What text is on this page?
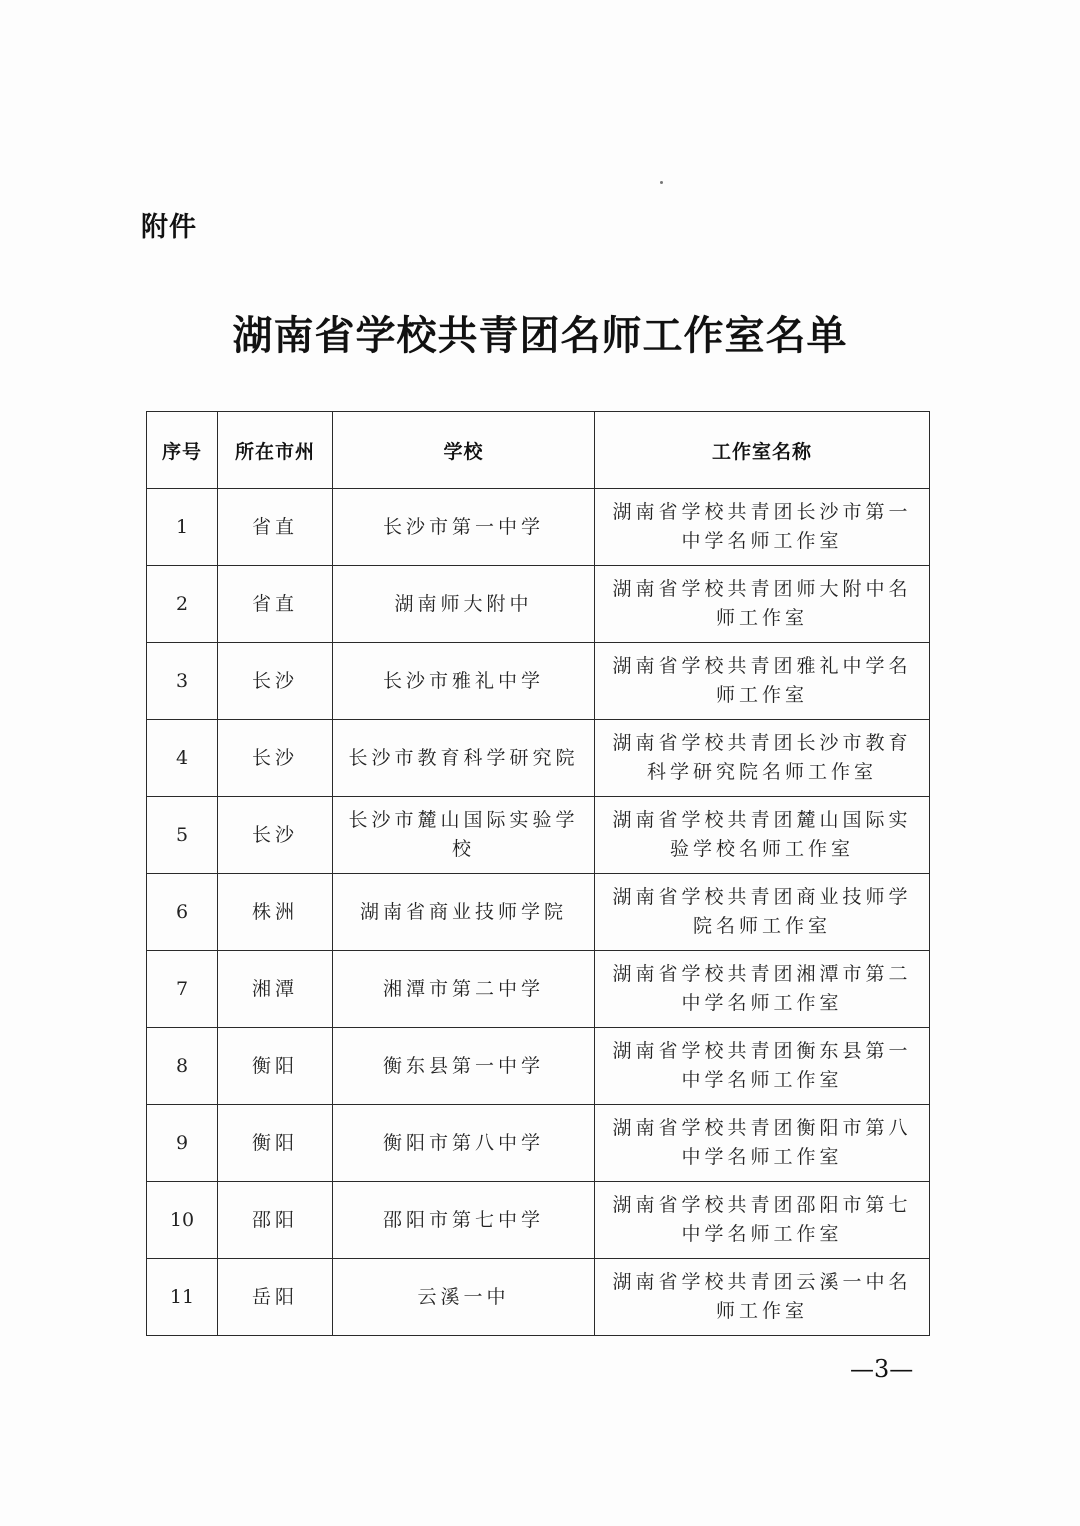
附件
湖南省学校共青团名师工作室名单
序号	所在市州	学校	工作室名称
1	省直	长沙市第一中学	湖南省学校共青团长沙市第一中学名师工作室
2	省直	湖南师大附中	湖南省学校共青团师大附中名师工作室
3	长沙	长沙市雅礼中学	湖南省学校共青团雅礼中学名师工作室
4	长沙	长沙市教育科学研究院	湖南省学校共青团长沙市教育科学研究院名师工作室
5	长沙	长沙市麓山国际实验学校	湖南省学校共青团麓山国际实验学校名师工作室
6	株洲	湖南省商业技师学院	湖南省学校共青团商业技师学院名师工作室
7	湘潭	湘潭市第二中学	湖南省学校共青团湘潭市第二中学名师工作室
8	衡阳	衡东县第一中学	湖南省学校共青团衡东县第一中学名师工作室
9	衡阳	衡阳市第八中学	湖南省学校共青团衡阳市第八中学名师工作室
10	邵阳	邵阳市第七中学	湖南省学校共青团邵阳市第七中学名师工作室
11	岳阳	云溪一中	湖南省学校共青团云溪一中名师工作室
—3—
